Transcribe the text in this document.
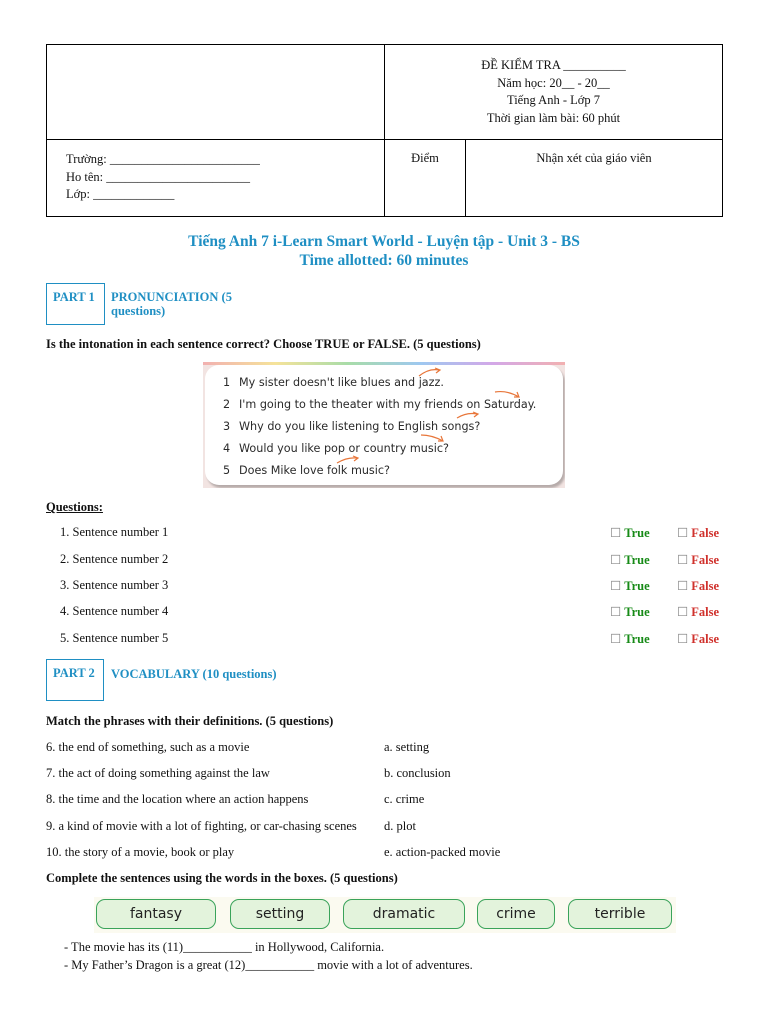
	ĐỀ KIỂM TRA __________
Năm học: 20__ - 20__
Tiếng Anh - Lớp 7
Thời gian làm bài: 60 phút	

Trường: ________________________
Ho tên: _______________________
Lớp: _____________	Điểm	Nhận xét của giáo viên
Tiếng Anh 7 i-Learn Smart World - Luyện tập - Unit 3 - BS
Time allotted: 60 minutes
PART 1	PRONUNCIATION (5 questions)
Is the intonation in each sentence correct? Choose TRUE or FALSE. (5 questions)
1 My sister doesn't like blues and jazz.
2 I'm going to the theater with my friends on Saturday.
3 Why do you like listening to English songs?
4 Would you like pop or country music?
5 Does Mike love folk music?
Questions:
1. Sentence number 1	☐ True ☐ False
2. Sentence number 2	☐ True ☐ False
3. Sentence number 3	☐ True ☐ False
4. Sentence number 4	☐ True ☐ False
5. Sentence number 5	☐ True ☐ False
PART 2	VOCABULARY (10 questions)
Match the phrases with their definitions. (5 questions)
6. the end of something, such as a movie	a. setting
7. the act of doing something against the law	b. conclusion
8. the time and the location where an action happens	c. crime
9. a kind of movie with a lot of fighting, or car-chasing scenes d. plot
10. the story of a movie, book or play	e. action-packed movie
Complete the sentences using the words in the boxes. (5 questions)
fantasy	setting	dramatic	crime	terrible
- The movie has its (11)___________ in Hollywood, California.
- My Father’s Dragon is a great (12)___________ movie with a lot of adventures.
